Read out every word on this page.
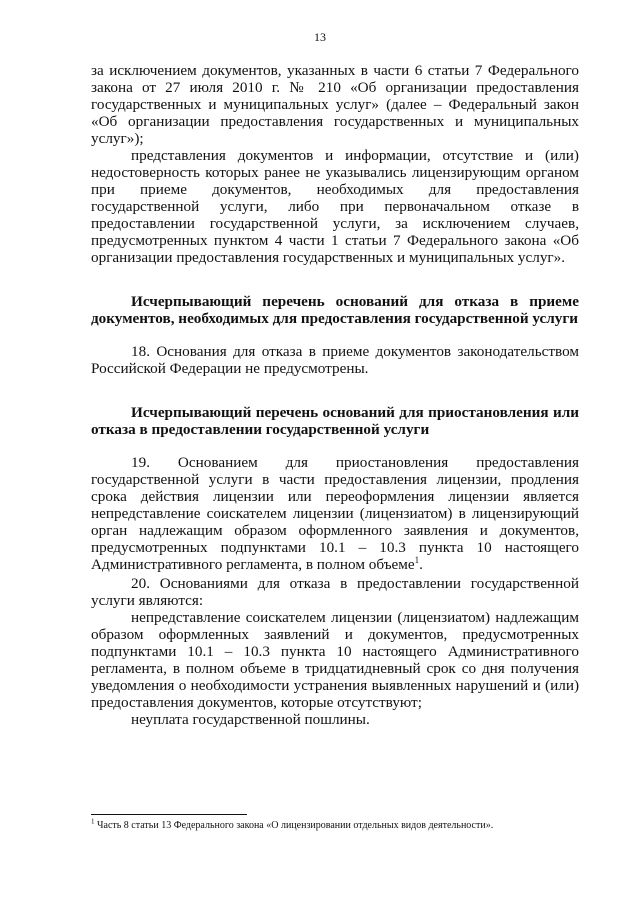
13

за исключением документов, указанных в части 6 статьи 7 Федерального закона от 27 июля 2010 г. № 210 «Об организации предоставления государственных и муниципальных услуг» (далее – Федеральный закон «Об организации предоставления государственных и муниципальных услуг»);

представления документов и информации, отсутствие и (или) недостоверность которых ранее не указывались лицензирующим органом при приеме документов, необходимых для предоставления государственной услуги, либо при первоначальном отказе в предоставлении государственной услуги, за исключением случаев, предусмотренных пунктом 4 части 1 статьи 7 Федерального закона «Об организации предоставления государственных и муниципальных услуг».

Исчерпывающий перечень оснований для отказа в приеме документов, необходимых для предоставления государственной услуги

18. Основания для отказа в приеме документов законодательством Российской Федерации не предусмотрены.

Исчерпывающий перечень оснований для приостановления или отказа в предоставлении государственной услуги

19. Основанием для приостановления предоставления государственной услуги в части предоставления лицензии, продления срока действия лицензии или переоформления лицензии является непредставление соискателем лицензии (лицензиатом) в лицензирующий орган надлежащим образом оформленного заявления и документов, предусмотренных подпунктами 10.1 – 10.3 пункта 10 настоящего Административного регламента, в полном объеме$^1$.

20. Основаниями для отказа в предоставлении государственной услуги являются:

непредставление соискателем лицензии (лицензиатом) надлежащим образом оформленных заявлений и документов, предусмотренных подпунктами 10.1 – 10.3 пункта 10 настоящего Административного регламента, в полном объеме в тридцатидневный срок со дня получения уведомления о необходимости устранения выявленных нарушений и (или) предоставления документов, которые отсутствуют;

неуплата государственной пошлины.

$^1$ Часть 8 статьи 13 Федерального закона «О лицензировании отдельных видов деятельности».
